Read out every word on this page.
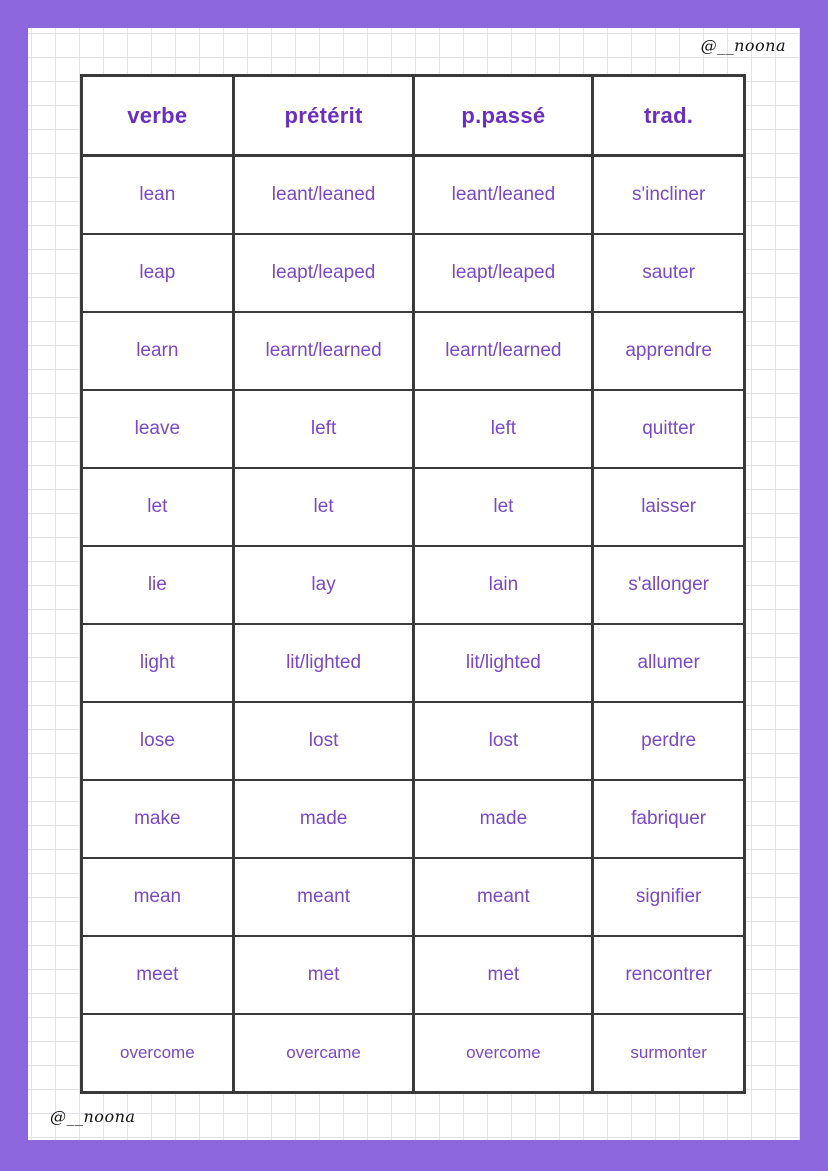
@__noona
verbe	prétérit	p.passé	trad.
lean	leant/leaned	leant/leaned	s'incliner
leap	leapt/leaped	leapt/leaped	sauter
learn	learnt/learned	learnt/learned	apprendre
leave	left	left	quitter
let	let	let	laisser
lie	lay	lain	s'allonger
light	lit/lighted	lit/lighted	allumer
lose	lost	lost	perdre
make	made	made	fabriquer
mean	meant	meant	signifier
meet	met	met	rencontrer
overcome	overcame	overcome	surmonter
@__noona
